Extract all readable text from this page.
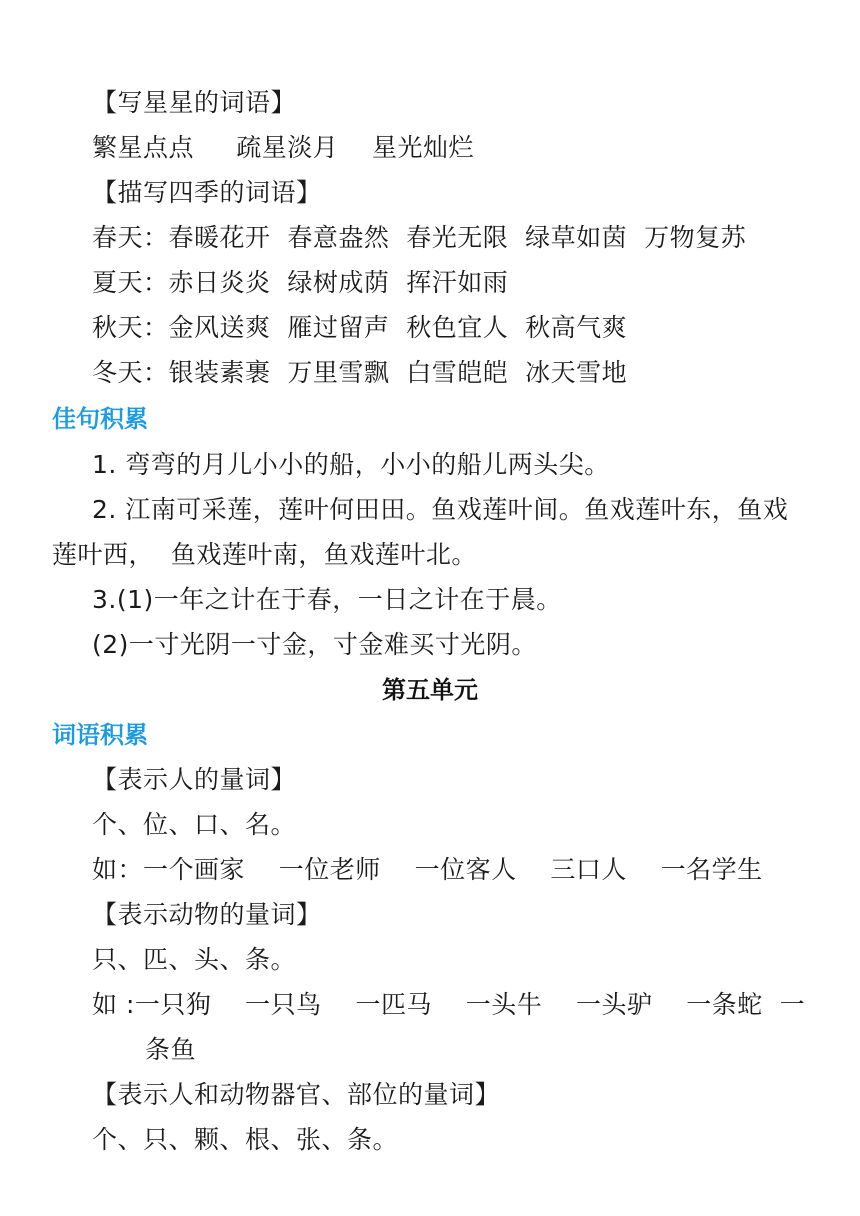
【写星星的词语】
繁星点点     疏星淡月    星光灿烂
【描写四季的词语】
春天：春暖花开  春意盎然  春光无限  绿草如茵  万物复苏
夏天：赤日炎炎  绿树成荫  挥汗如雨
秋天：金风送爽  雁过留声  秋色宜人  秋高气爽
冬天：银装素裹  万里雪飘  白雪皑皑  冰天雪地
佳句积累
1. 弯弯的月儿小小的船，小小的船儿两头尖。
2. 江南可采莲，莲叶何田田。鱼戏莲叶间。鱼戏莲叶东，鱼戏
莲叶西，  鱼戏莲叶南，鱼戏莲叶北。
3.(1)一年之计在于春，一日之计在于晨。
(2)一寸光阴一寸金，寸金难买寸光阴。
第五单元
词语积累
【表示人的量词】
个、位、口、名。
如：一个画家    一位老师    一位客人    三口人    一名学生
【表示动物的量词】
只、匹、头、条。
如 :一只狗    一只鸟    一匹马    一头牛    一头驴    一条蛇  一
条鱼
【表示人和动物器官、部位的量词】
个、只、颗、根、张、条。
